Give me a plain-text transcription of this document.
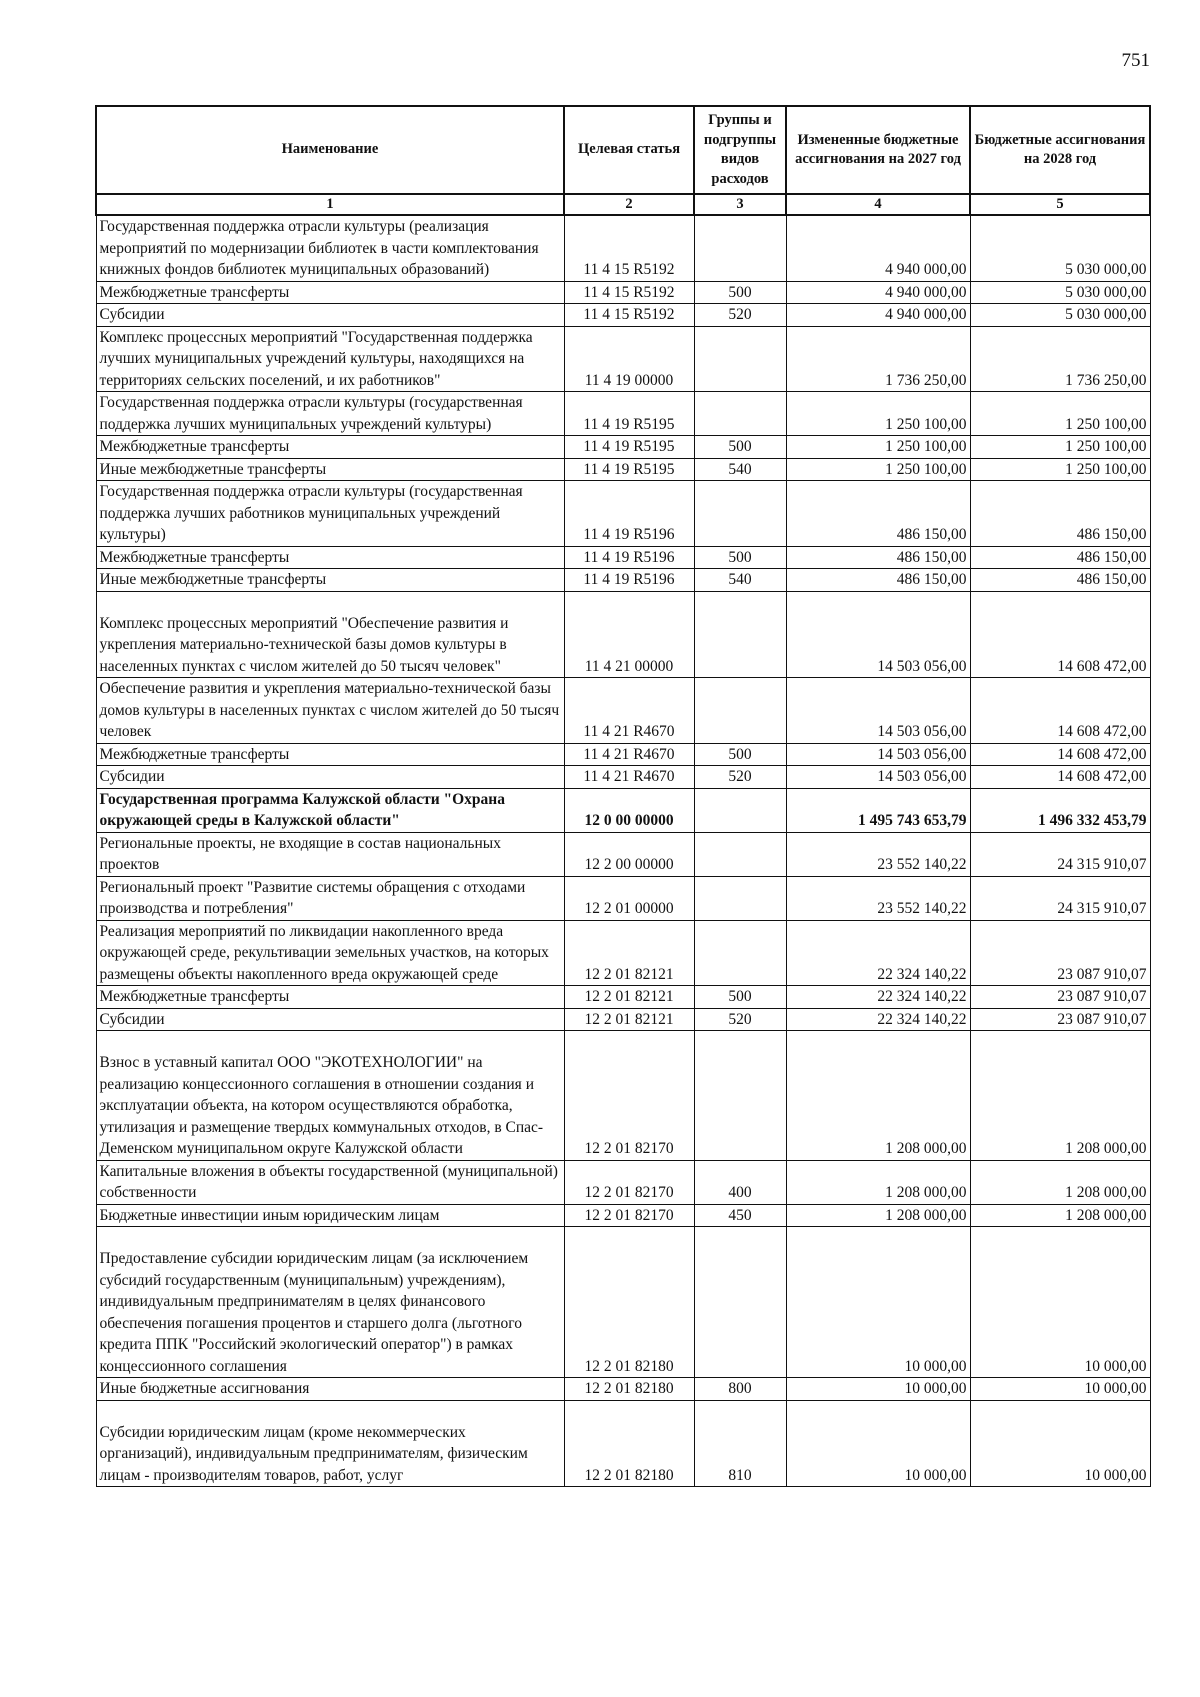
751
Наименование	Целевая статья	Группы и подгруппы видов расходов	Измененные бюджетные ассигнования на 2027 год	Бюджетные ассигнования на 2028 год
1	2	3	4	5
Государственная поддержка отрасли культуры (реализация мероприятий по модернизации библиотек в части комплектования книжных фондов библиотек муниципальных образований)	11 4 15 R5192		4 940 000,00	5 030 000,00
Межбюджетные трансферты	11 4 15 R5192	500	4 940 000,00	5 030 000,00
Субсидии	11 4 15 R5192	520	4 940 000,00	5 030 000,00
Комплекс процессных мероприятий "Государственная поддержка лучших муниципальных учреждений культуры, находящихся на территориях сельских поселений, и их работников"	11 4 19 00000		1 736 250,00	1 736 250,00
Государственная поддержка отрасли культуры (государственная поддержка лучших муниципальных учреждений культуры)	11 4 19 R5195		1 250 100,00	1 250 100,00
Межбюджетные трансферты	11 4 19 R5195	500	1 250 100,00	1 250 100,00
Иные межбюджетные трансферты	11 4 19 R5195	540	1 250 100,00	1 250 100,00
Государственная поддержка отрасли культуры (государственная поддержка лучших работников муниципальных учреждений культуры)	11 4 19 R5196		486 150,00	486 150,00
Межбюджетные трансферты	11 4 19 R5196	500	486 150,00	486 150,00
Иные межбюджетные трансферты	11 4 19 R5196	540	486 150,00	486 150,00
Комплекс процессных мероприятий "Обеспечение развития и укрепления материально-технической базы домов культуры в населенных пунктах с числом жителей до 50 тысяч человек"	11 4 21 00000		14 503 056,00	14 608 472,00
Обеспечение развития и укрепления материально-технической базы домов культуры в населенных пунктах с числом жителей до 50 тысяч человек	11 4 21 R4670		14 503 056,00	14 608 472,00
Межбюджетные трансферты	11 4 21 R4670	500	14 503 056,00	14 608 472,00
Субсидии	11 4 21 R4670	520	14 503 056,00	14 608 472,00
Государственная программа Калужской области "Охрана окружающей среды в Калужской области"	12 0 00 00000		1 495 743 653,79	1 496 332 453,79
Региональные проекты, не входящие в состав национальных проектов	12 2 00 00000		23 552 140,22	24 315 910,07
Региональный проект "Развитие системы обращения с отходами производства и потребления"	12 2 01 00000		23 552 140,22	24 315 910,07
Реализация мероприятий по ликвидации накопленного вреда окружающей среде, рекультивации земельных участков, на которых размещены объекты накопленного вреда окружающей среде	12 2 01 82121		22 324 140,22	23 087 910,07
Межбюджетные трансферты	12 2 01 82121	500	22 324 140,22	23 087 910,07
Субсидии	12 2 01 82121	520	22 324 140,22	23 087 910,07
Взнос в уставный капитал ООО "ЭКОТЕХНОЛОГИИ" на реализацию концессионного соглашения в отношении создания и эксплуатации объекта, на котором осуществляются обработка, утилизация и размещение твердых коммунальных отходов, в Спас-Деменском муниципальном округе Калужской области	12 2 01 82170		1 208 000,00	1 208 000,00
Капитальные вложения в объекты государственной (муниципальной) собственности	12 2 01 82170	400	1 208 000,00	1 208 000,00
Бюджетные инвестиции иным юридическим лицам	12 2 01 82170	450	1 208 000,00	1 208 000,00
Предоставление субсидии юридическим лицам (за исключением субсидий государственным (муниципальным) учреждениям), индивидуальным предпринимателям в целях финансового обеспечения погашения процентов и старшего долга (льготного кредита ППК "Российский экологический оператор") в рамках концессионного соглашения	12 2 01 82180		10 000,00	10 000,00
Иные бюджетные ассигнования	12 2 01 82180	800	10 000,00	10 000,00
Субсидии юридическим лицам (кроме некоммерческих организаций), индивидуальным предпринимателям, физическим лицам - производителям товаров, работ, услуг	12 2 01 82180	810	10 000,00	10 000,00
